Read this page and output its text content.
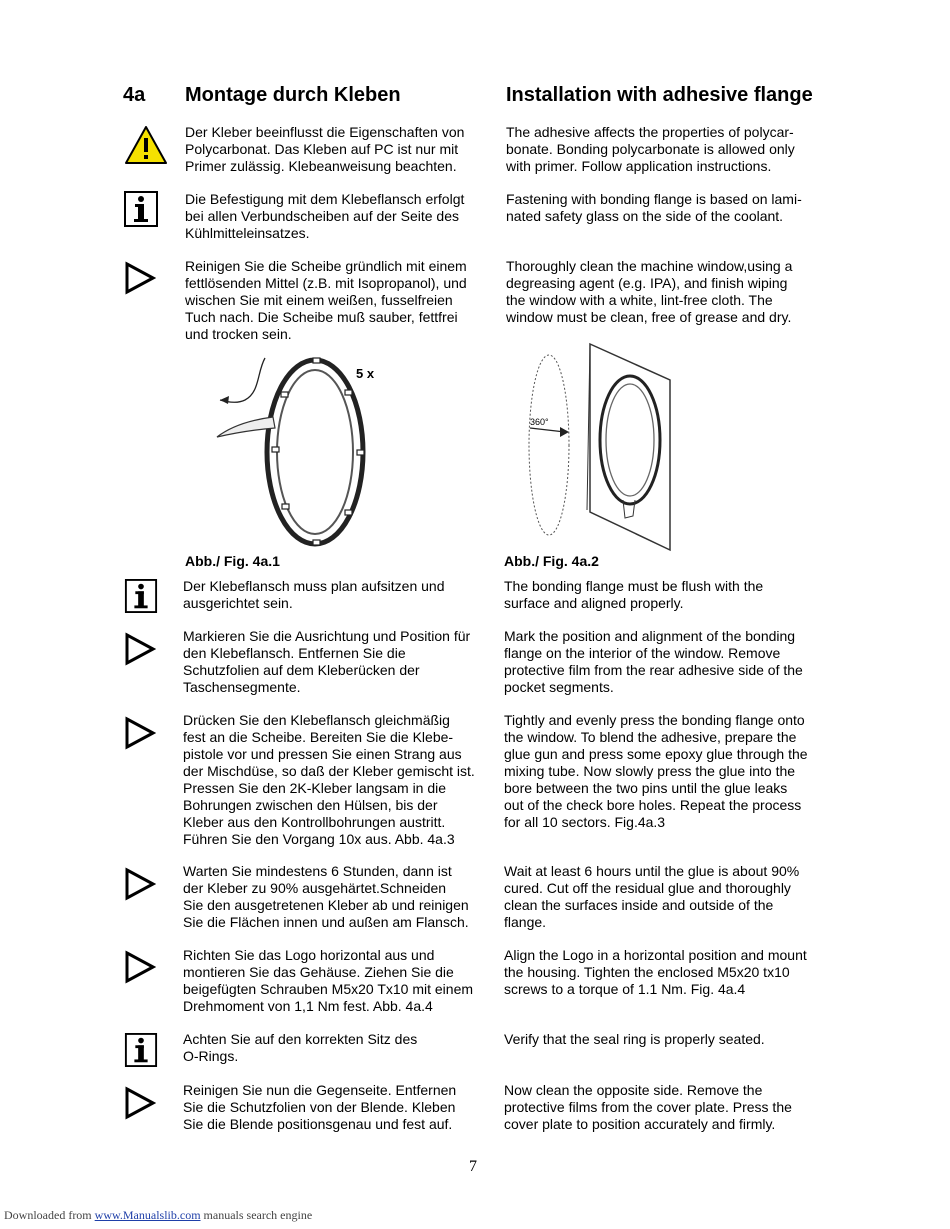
4a Montage durch Kleben	Installation with adhesive flange
Der Kleber beeinflusst die Eigenschaften von
Polycarbonat. Das Kleben auf PC ist nur mit
Primer zulässig. Klebeanweisung beachten.
The adhesive affects the properties of polycar-
bonate. Bonding polycarbonate is allowed only
with primer. Follow application instructions.
Die Befestigung mit dem Klebeflansch erfolgt
bei allen Verbundscheiben auf der Seite des
Kühlmitteleinsatzes.
Fastening with bonding flange is based on lami-
nated safety glass on the side of the coolant.
Reinigen Sie die Scheibe gründlich mit einem
fettlösenden Mittel (z.B. mit Isopropanol), und
wischen Sie mit einem weißen, fusselfreien
Tuch nach. Die Scheibe muß sauber, fettfrei
und trocken sein.
Thoroughly clean the machine window,using a
degreasing agent (e.g. IPA), and finish wiping
the window with a white, lint-free cloth. The
window must be clean, free of grease and dry.
5 x
Abb./ Fig. 4a.1
360°
Abb./ Fig. 4a.2
Der Klebeflansch muss plan aufsitzen und
ausgerichtet sein.
The bonding flange must be flush with the
surface and aligned properly.
Markieren Sie die Ausrichtung und Position für
den Klebeflansch. Entfernen Sie die
Schutzfolien auf dem Kleberücken der
Taschensegmente.
Mark the position and alignment of the bonding
flange on the interior of the window. Remove
protective film from the rear adhesive side of the
pocket segments.
Drücken Sie den Klebeflansch gleichmäßig
fest an die Scheibe. Bereiten Sie die Klebe-
pistole vor und pressen Sie einen Strang aus
der Mischdüse, so daß der Kleber gemischt ist.
Pressen Sie den 2K-Kleber langsam in die
Bohrungen zwischen den Hülsen, bis der
Kleber aus den Kontrollbohrungen austritt.
Führen Sie den Vorgang 10x aus. Abb. 4a.3
Tightly and evenly press the bonding flange onto
the window. To blend the adhesive, prepare the
glue gun and press some epoxy glue through the
mixing tube. Now slowly press the glue into the
bore between the two pins until the glue leaks
out of the check bore holes. Repeat the process
for all 10 sectors. Fig.4a.3
Warten Sie mindestens 6 Stunden, dann ist
der Kleber zu 90% ausgehärtet.Schneiden
Sie den ausgetretenen Kleber ab und reinigen
Sie die Flächen innen und außen am Flansch.
Wait at least 6 hours until the glue is about 90%
cured. Cut off the residual glue and thoroughly
clean the surfaces inside and outside of the
flange.
Richten Sie das Logo horizontal aus und
montieren Sie das Gehäuse. Ziehen Sie die
beigefügten Schrauben M5x20 Tx10 mit einem
Drehmoment von 1,1 Nm fest. Abb. 4a.4
Align the Logo in a horizontal position and mount
the housing. Tighten the enclosed M5x20 tx10
screws to a torque of 1.1 Nm. Fig. 4a.4
Achten Sie auf den korrekten Sitz des
O-Rings.
Verify that the seal ring is properly seated.
Reinigen Sie nun die Gegenseite. Entfernen
Sie die Schutzfolien von der Blende. Kleben
Sie die Blende positionsgenau und fest auf.
Now clean the opposite side. Remove the
protective films from the cover plate. Press the
cover plate to position accurately and firmly.
7
Downloaded from www.Manualslib.com manuals search engine
